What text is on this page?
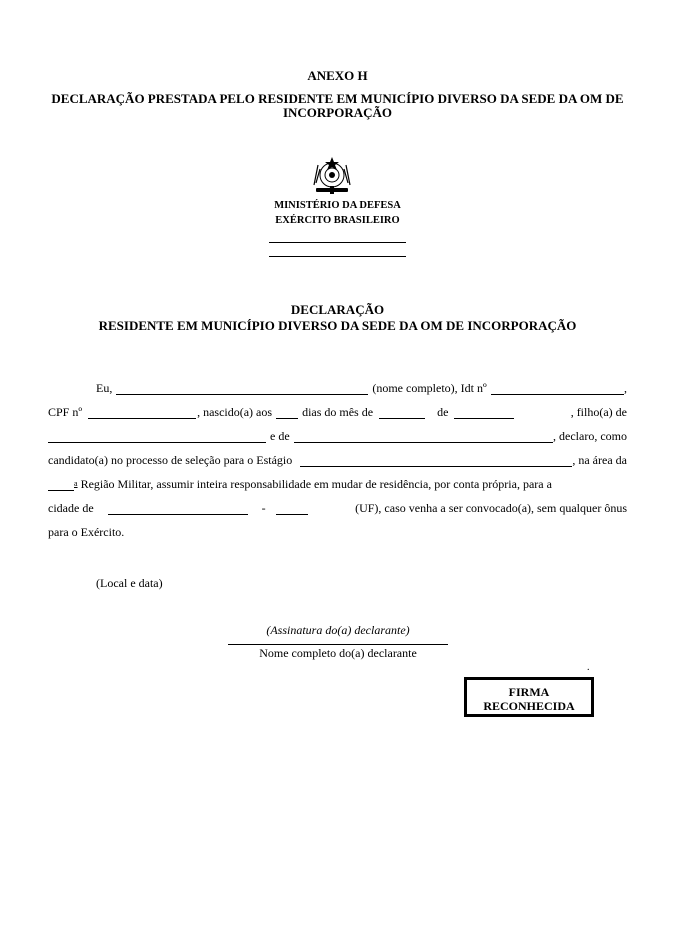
ANEXO H
DECLARAÇÃO PRESTADA PELO RESIDENTE EM MUNICÍPIO DIVERSO DA SEDE DA OM DE INCORPORAÇÃO
MINISTÉRIO DA DEFESA
EXÉRCITO BRASILEIRO
DECLARAÇÃO
RESIDENTE EM MUNICÍPIO DIVERSO DA SEDE DA OM DE INCORPORAÇÃO
Eu,	(nome completo), Idt nº	,
CPF nº	, nascido(a) aos	dias do mês de	de	, filho(a) de
e de	, declaro, como
candidato(a) no processo de seleção para o Estágio	, na área da
a Região Militar, assumir inteira responsabilidade em mudar de residência, por conta própria, para a
cidade de	-	(UF), caso venha a ser convocado(a), sem qualquer ônus
para o Exército.
(Local e data)
(Assinatura do(a) declarante)
Nome completo do(a) declarante
.
FIRMA
RECONHECIDA
